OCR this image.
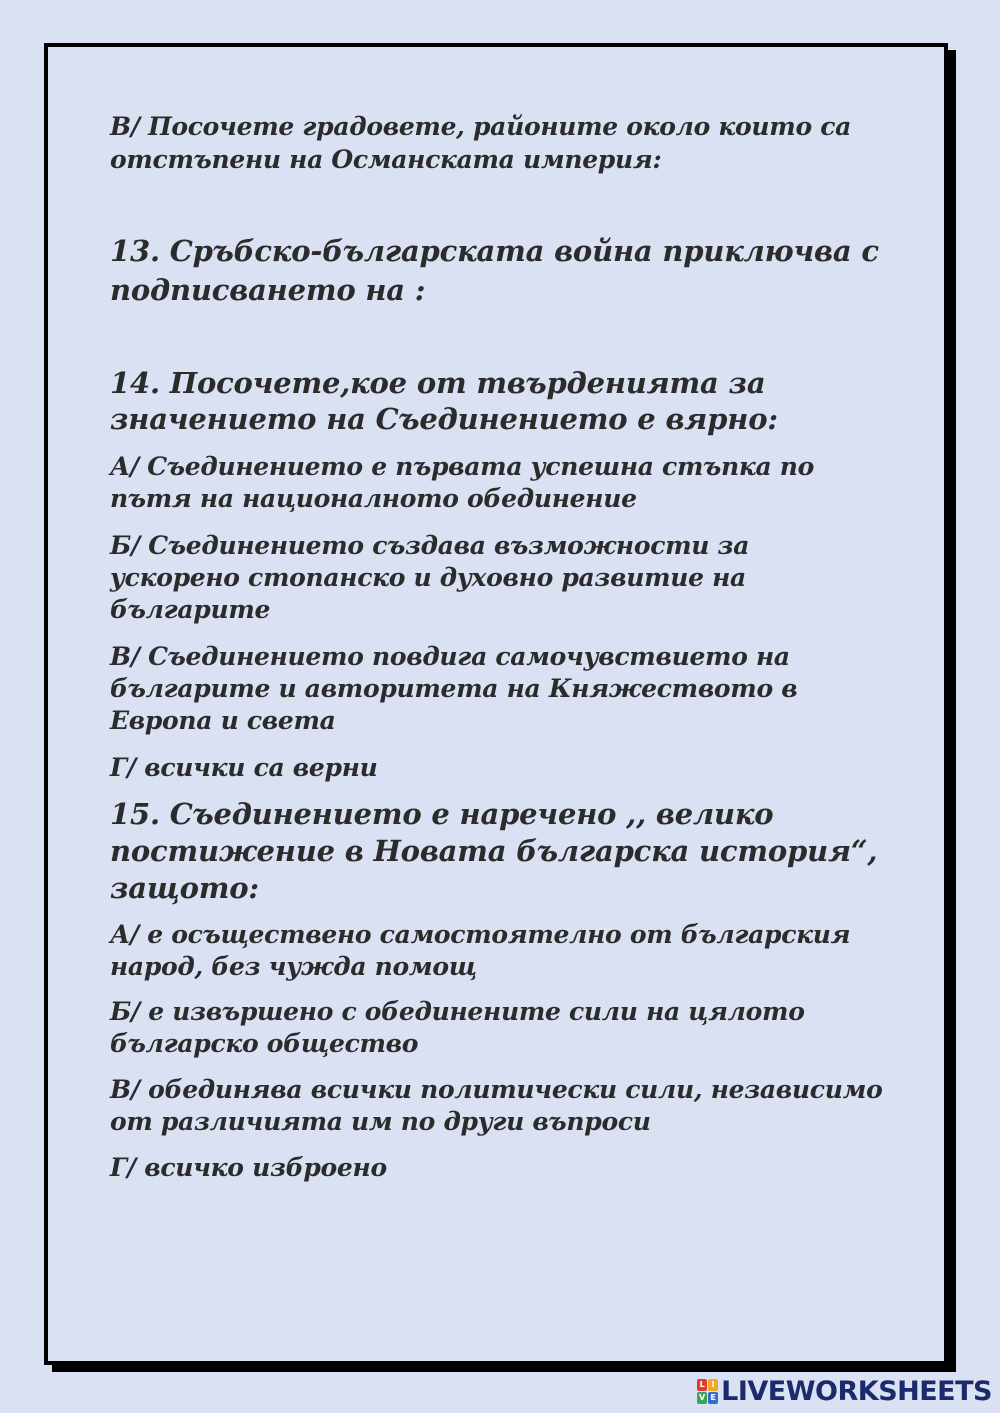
В/ Посочете градовете, районите около които са
отстъпени на Османската империя:
13. Сръбско-българската война приключва с
подписването на :
14. Посочете,кое от твърденията за
значението на Съединението е вярно:
А/ Съединението е първата успешна стъпка по
пътя на националното обединение
Б/ Съединението създава възможности за
ускорено стопанско и духовно развитие на
българите
В/ Съединението повдига самочувствието на
българите и авторитета на Княжеството в
Европа и света
Г/ всички са верни
15. Съединението е наречено ,, велико
постижение в Новата българска история“,
защото:
А/ е осъществено самостоятелно от българския
народ, без чужда помощ
Б/ е извършено с обединените сили на цялото
българско общество
В/ обединява всички политически сили, независимо
от различията им по други въпроси
Г/ всичко изброено
L I
V E LIVEWORKSHEETS
